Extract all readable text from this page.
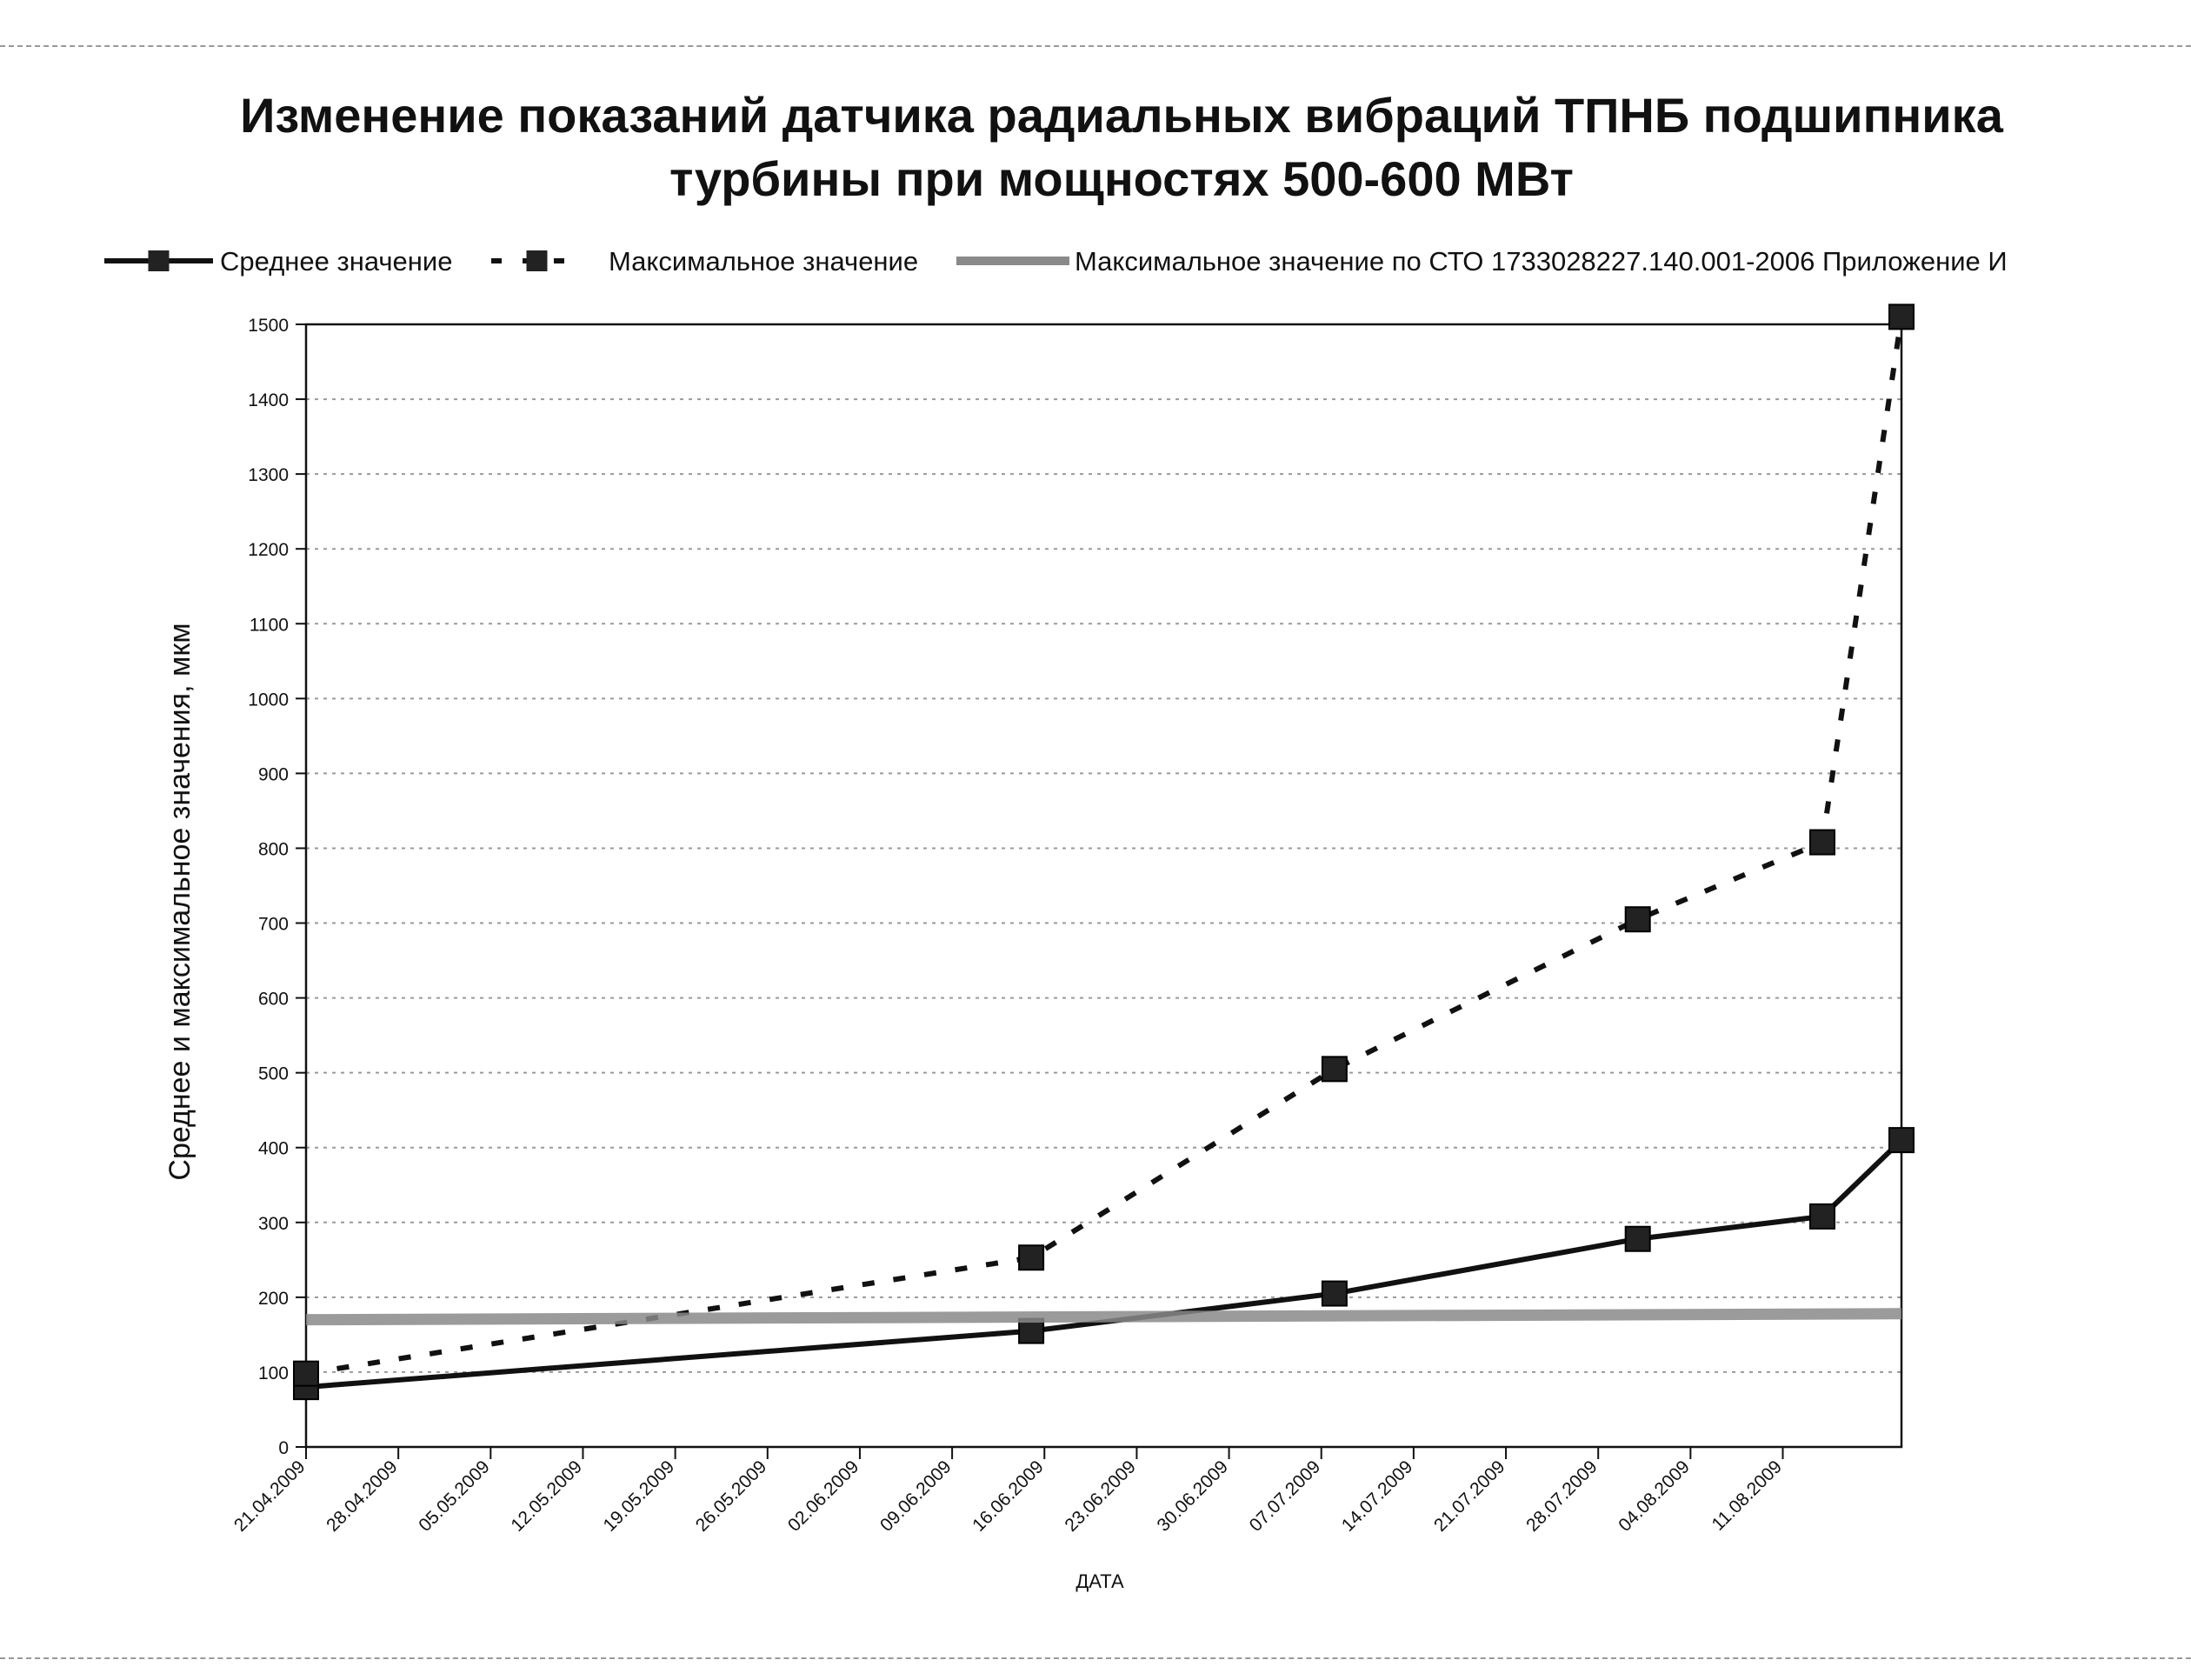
Изменение показаний датчика радиальных вибраций ТПНБ подшипника
турбины при мощностях 500-600 МВт
Среднее значение	Максимальное значение	Максимальное значение по СТО 1733028227.140.001-2006 Приложение И
0
100
200
300
400
500
600
700
800
900
1000
1100
1200
1300
1400
1500
21.04.2009 28.04.2009 05.05.2009 12.05.2009 19.05.2009 26.05.2009 02.06.2009 09.06.2009 16.06.2009 23.06.2009 30.06.2009 07.07.2009 14.07.2009 21.07.2009 28.07.2009 04.08.2009 11.08.2009
Среднее и максимальное значения, мкм
ДАТА
